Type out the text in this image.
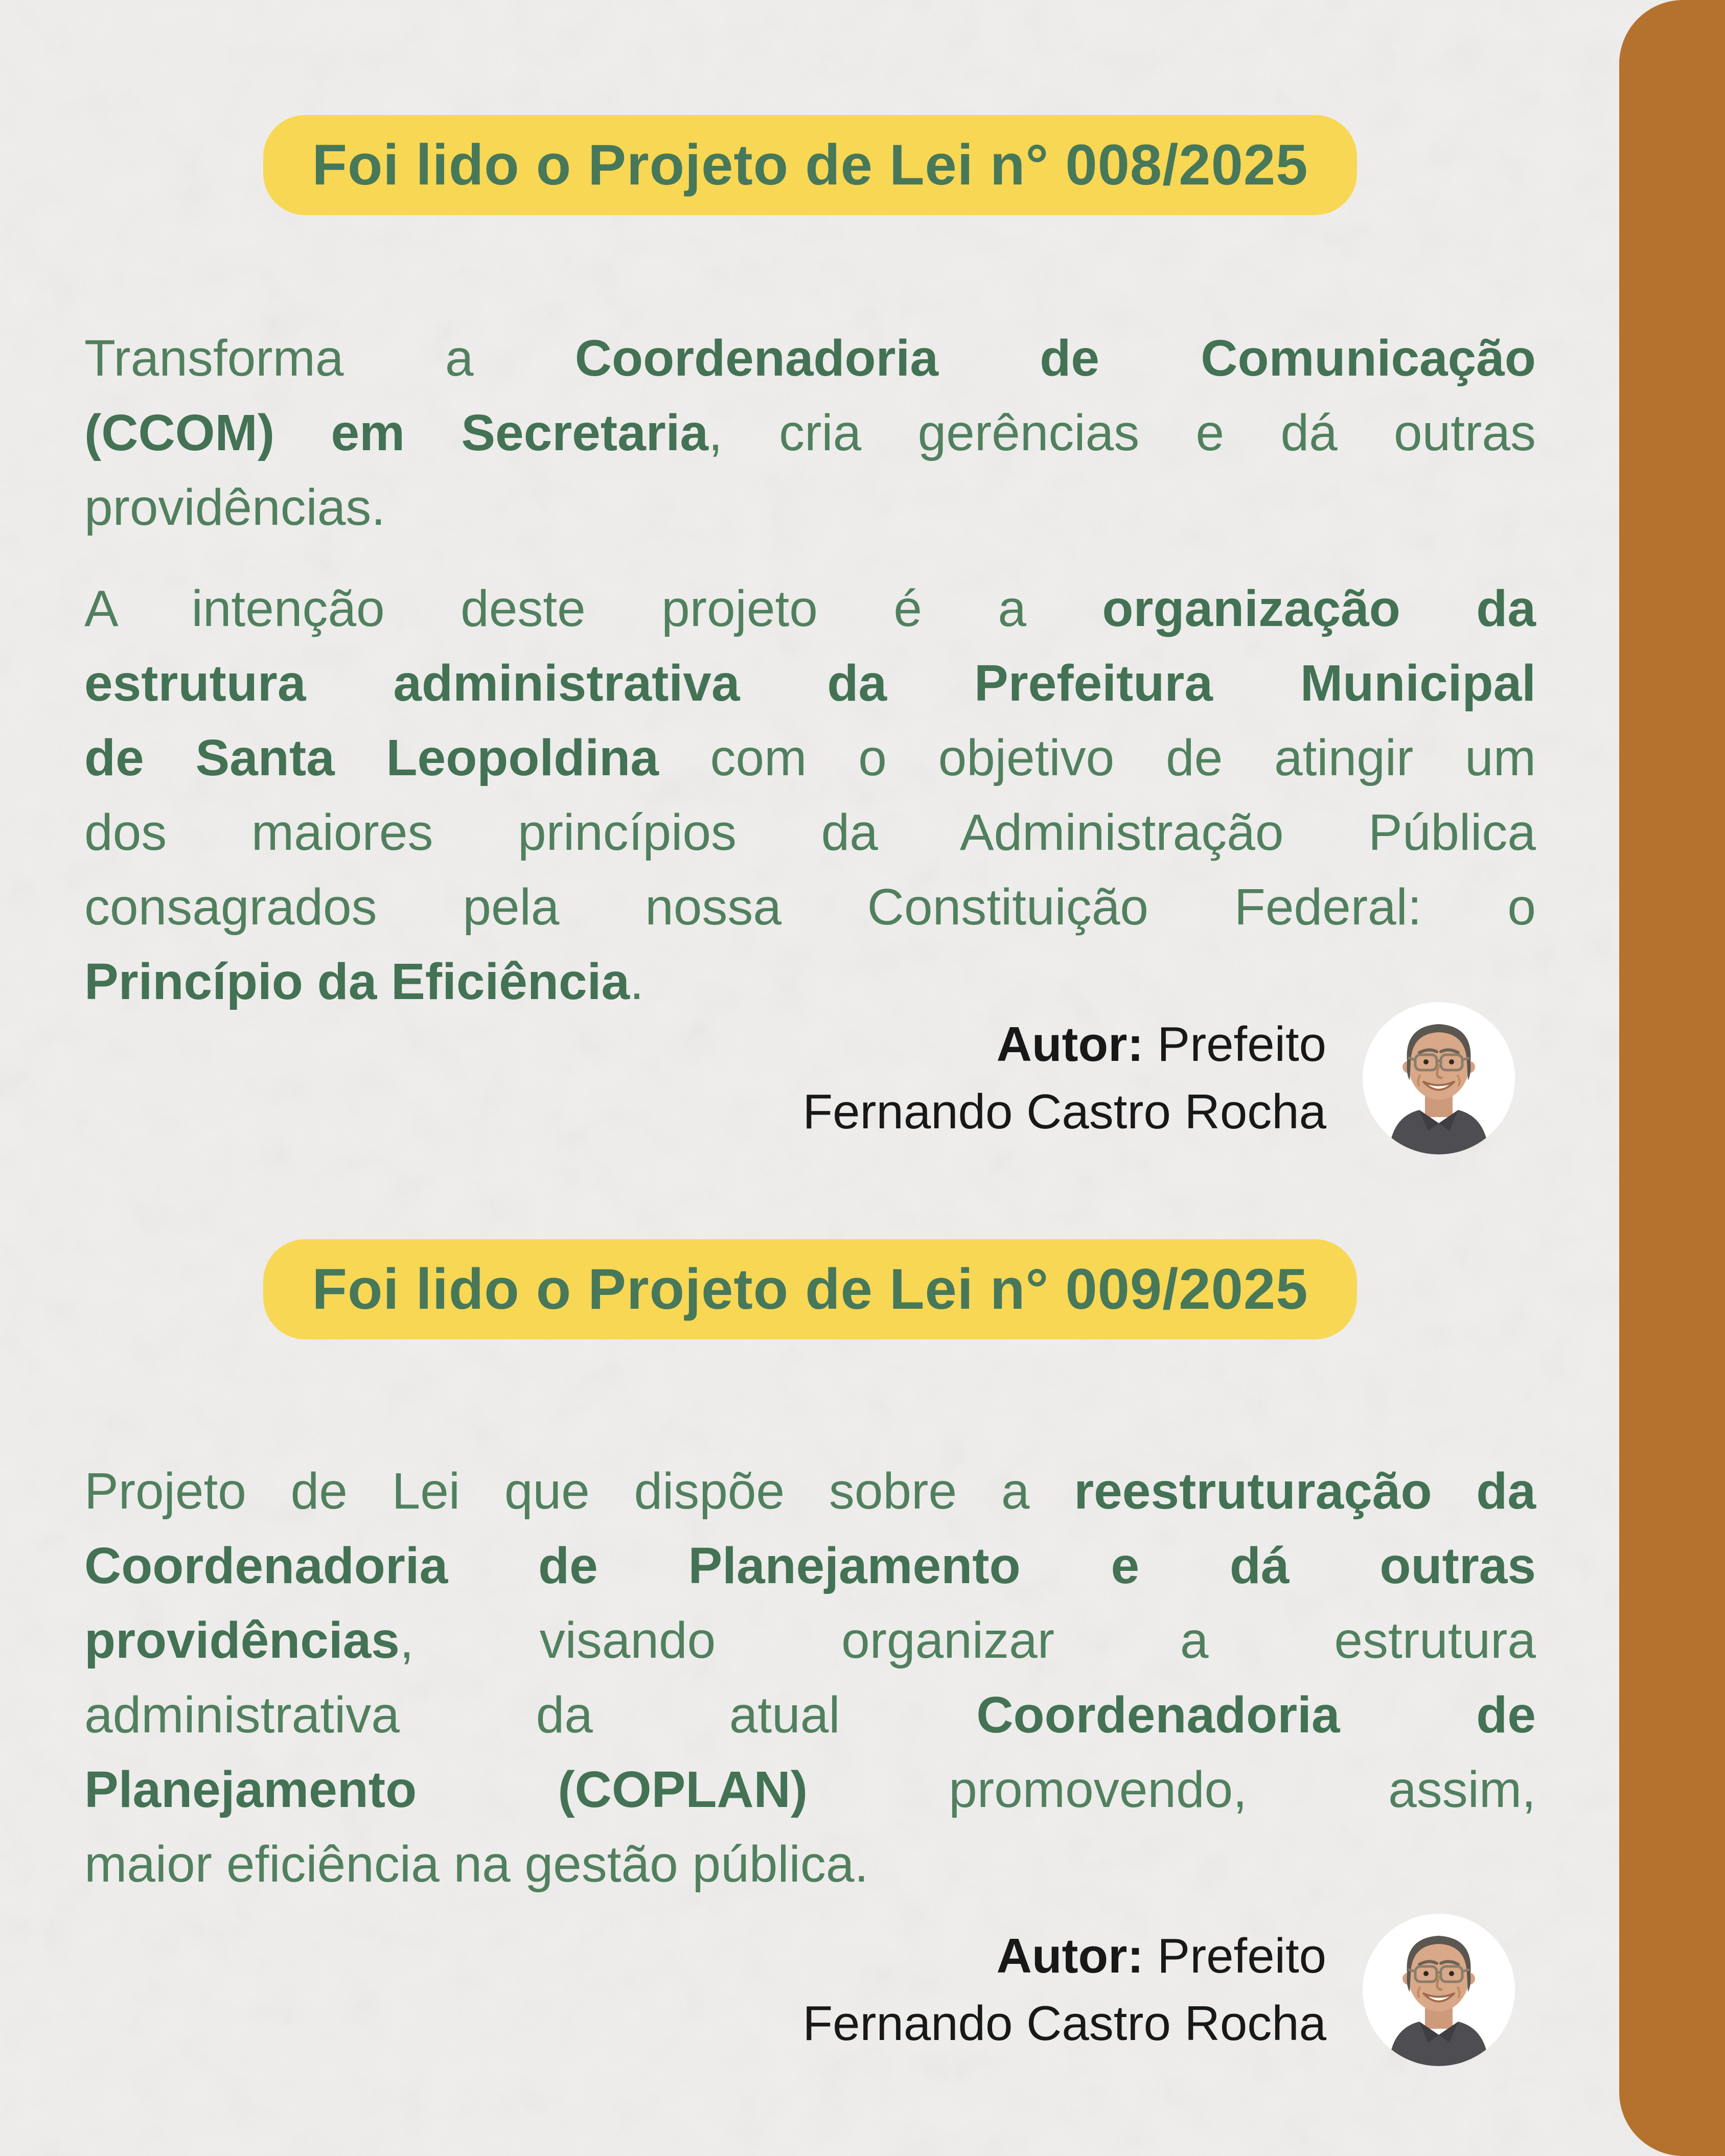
Foi lido o Projeto de Lei n° 008/2025
Transforma a Coordenadoria de Comunicação
(CCOM) em Secretaria, cria gerências e dá outras
providências.
A intenção deste projeto é a organização da
estrutura administrativa da Prefeitura Municipal
de Santa Leopoldina com o objetivo de atingir um
dos maiores princípios da Administração Pública
consagrados pela nossa Constituição Federal: o
Princípio da Eficiência.
Autor: Prefeito
Fernando Castro Rocha
Foi lido o Projeto de Lei n° 009/2025
Projeto de Lei que dispõe sobre a reestruturação da
Coordenadoria de Planejamento e dá outras
providências, visando organizar a estrutura
administrativa da atual Coordenadoria de
Planejamento (COPLAN) promovendo, assim,
maior eficiência na gestão pública.
Autor: Prefeito
Fernando Castro Rocha
